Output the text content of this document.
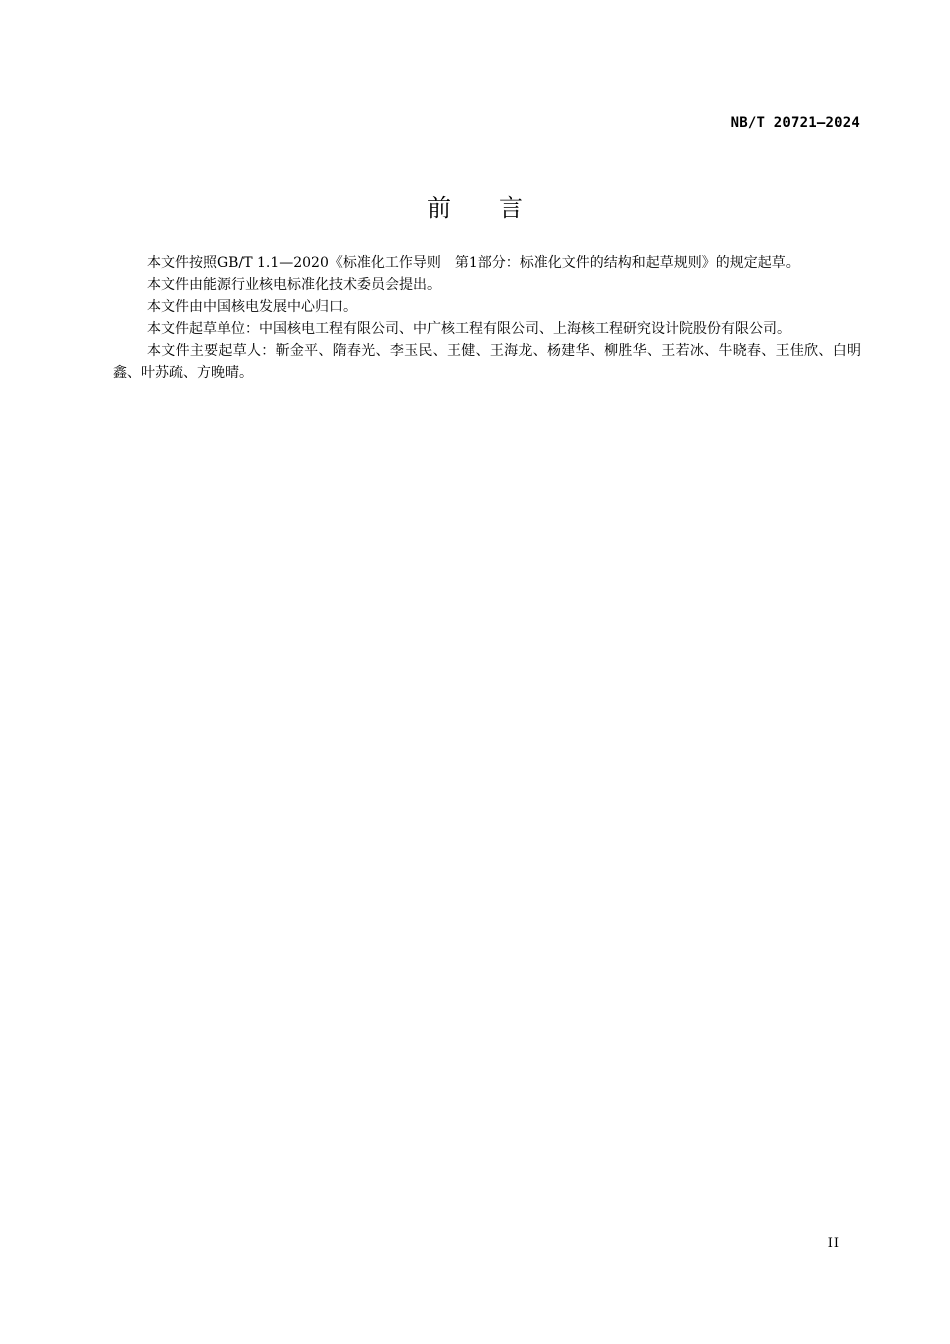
NB/T 20721—2024
前 言

本文件按照GB/T 1.1—2020《标准化工作导则　第1部分：标准化文件的结构和起草规则》的规定起草。

本文件由能源行业核电标准化技术委员会提出。

本文件由中国核电发展中心归口。

本文件起草单位：中国核电工程有限公司、中广核工程有限公司、上海核工程研究设计院股份有限公司。

本文件主要起草人：靳金平、隋春光、李玉民、王健、王海龙、杨建华、柳胜华、王若冰、牛晓春、王佳欣、白明鑫、叶苏疏、方晚晴。

II
